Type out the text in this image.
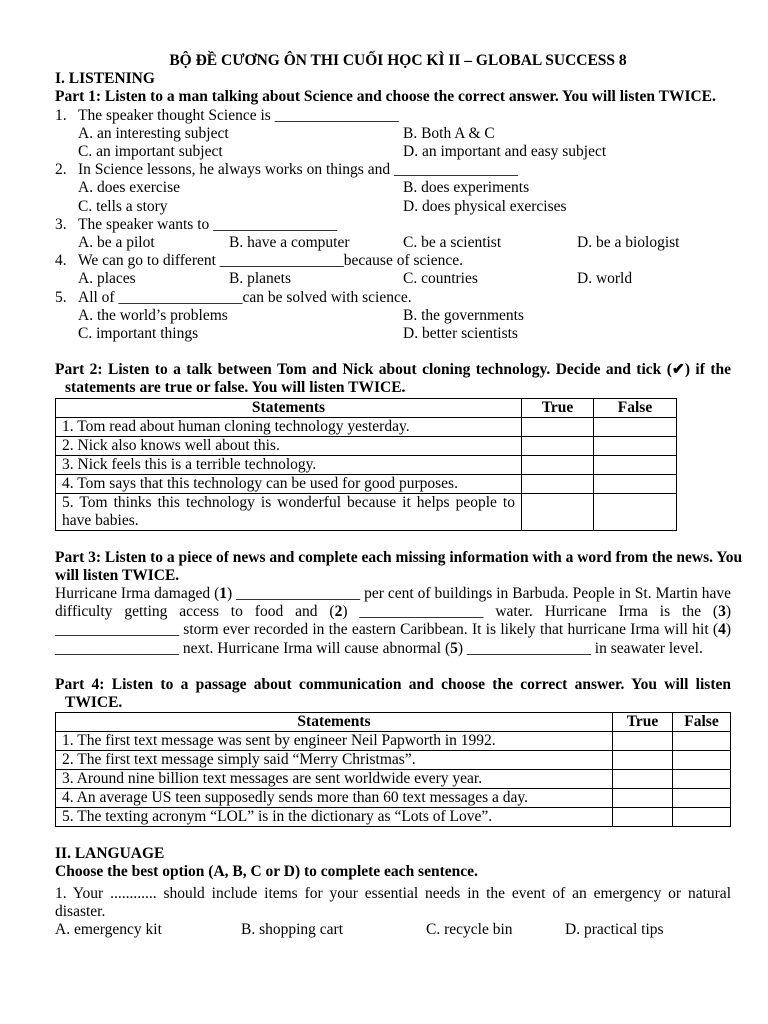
BỘ ĐỀ CƯƠNG ÔN THI CUỐI HỌC KÌ II – GLOBAL SUCCESS 8
I. LISTENING
Part 1: Listen to a man talking about Science and choose the correct answer. You will listen TWICE.
1. The speaker thought Science is ________________
A. an interesting subject	B. Both A & C
C. an important subject	D. an important and easy subject
2. In Science lessons, he always works on things and ________________
A. does exercise	B. does experiments
C. tells a story	D. does physical exercises
3. The speaker wants to ________________
A. be a pilot	B. have a computer	C. be a scientist	D. be a biologist
4. We can go to different ________________because of science.
A. places	B. planets	C. countries	D. world
5. All of ________________can be solved with science.
A. the world’s problems	B. the governments
C. important things	D. better scientists
Part 2: Listen to a talk between Tom and Nick about cloning technology. Decide and tick (✔) if the statements are true or false. You will listen TWICE.
Statements	True	False
1. Tom read about human cloning technology yesterday.		
2. Nick also knows well about this.		
3. Nick feels this is a terrible technology.		
4. Tom says that this technology can be used for good purposes.		
5. Tom thinks this technology is wonderful because it helps people to have babies.		
Part 3: Listen to a piece of news and complete each missing information with a word from the news. You will listen TWICE.
Hurricane Irma damaged (1) ________________ per cent of buildings in Barbuda. People in St. Martin have difficulty getting access to food and (2) ________________ water. Hurricane Irma is the (3) ________________ storm ever recorded in the eastern Caribbean. It is likely that hurricane Irma will hit (4) ________________ next. Hurricane Irma will cause abnormal (5) ________________ in seawater level.
Part 4: Listen to a passage about communication and choose the correct answer. You will listen TWICE.
Statements	True	False
1. The first text message was sent by engineer Neil Papworth in 1992.		
2. The first text message simply said “Merry Christmas”.		
3. Around nine billion text messages are sent worldwide every year.		
4. An average US teen supposedly sends more than 60 text messages a day.		
5. The texting acronym “LOL” is in the dictionary as “Lots of Love”.		
II. LANGUAGE
Choose the best option (A, B, C or D) to complete each sentence.
1. Your ............ should include items for your essential needs in the event of an emergency or natural disaster.
A. emergency kit	B. shopping cart	C. recycle bin	D. practical tips
